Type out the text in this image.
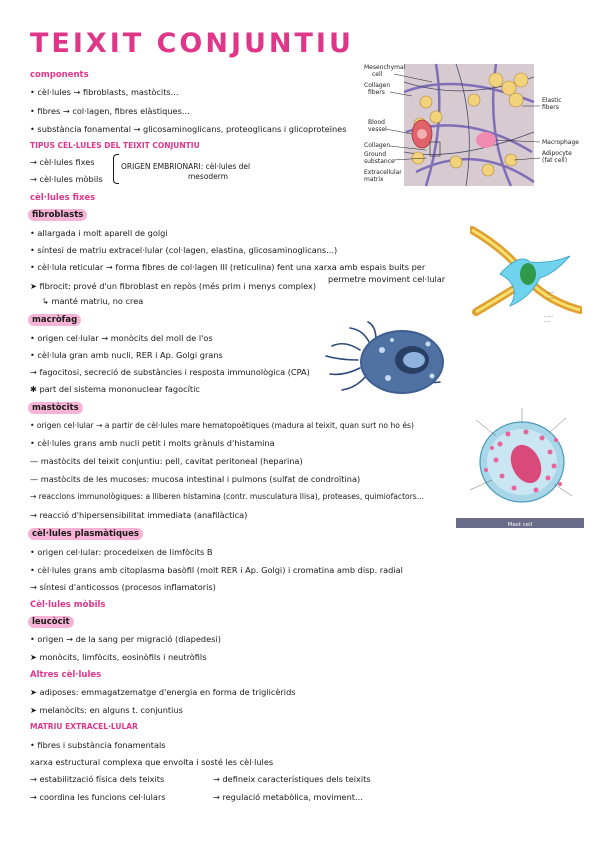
TEIXIT CONJUNTIU
components
• cèl·lules → fibroblasts, mastòcits...
• fibres → col·lagen, fibres elàstiques...
• substància fonamental → glicosaminoglicans, proteoglicans i glicoproteïnes
TIPUS CÈL·LULES DEL TEIXIT CONJUNTIU
→ cèl·lules fixes
→ cèl·lules mòbils
ORIGEN EMBRIONARI: cèl·lules del
mesoderm
cèl·lules fixes
fibroblasts
• allargada i molt aparell de golgi
• síntesi de matriu extracel·lular (col·lagen, elastina, glicosaminoglicans...)
• cèl·lula reticular → forma fibres de col·lagen III (reticulina) fent una xarxa amb espais buits per
permetre moviment cel·lular
➤ fibrocit: prové d'un fibroblast en repòs (més prim i menys complex)
↳ manté matriu, no crea
macròfag
• origen cel·lular → monòcits del moll de l'os
• cèl·lula gran amb nucli, RER i Ap. Golgi grans
→ fagocitosi, secreció de substàncies i resposta immunològica (CPA)
✱ part del sistema mononuclear fagocític
mastòcits
• origen cel·lular → a partir de cèl·lules mare hematopoètiques (madura al teixit, quan surt no ho és)
• cèl·lules grans amb nucli petit i molts grànuls d'histamina
— mastòcits del teixit conjuntiu: pell, cavitat peritoneal (heparina)
— mastòcits de les mucoses: mucosa intestinal i pulmons (sulfat de condroïtina)
→ reaccions immunològiques: a lliberen histamina (contr. musculatura llisa), proteases, quimiofactors...
→ reacció d'hipersensibilitat immediata (anafilàctica)
cèl·lules plasmàtiques
• origen cel·lular: procedeixen de limfòcits B
• cèl·lules grans amb citoplasma basòfil (molt RER i Ap. Golgi) i cromatina amb disp. radial
→ síntesi d'anticossos (procesos inflamatoris)
Cèl·lules mòbils
leucòcit
• origen → de la sang per migració (diapedesi)
➤ monòcits, limfòcits, eosinòfils i neutròfils
Altres cèl·lules
➤ adiposes: emmagatzematge d'energia en forma de triglicèrids
➤ melanòcits: en alguns t. conjuntius
MATRIU EXTRACEL·LULAR
• fibres i substància fonamentals
xarxa estructural complexa que envolta i sosté les cèl·lules
→ estabilització física dels teixits
→ coordina les funcions cel·lulars
→ defineix característiques dels teixits
→ regulació metabòlica, moviment...
Mesenchymal
cell
Collagen
fibers
Blood
vessel
Collagen
Ground
substance
Extracellular
matrix
Elastic
fibers
Macrophage
Adipocyte
(fat cell)
·····
····
·······
·····
Mast cell
